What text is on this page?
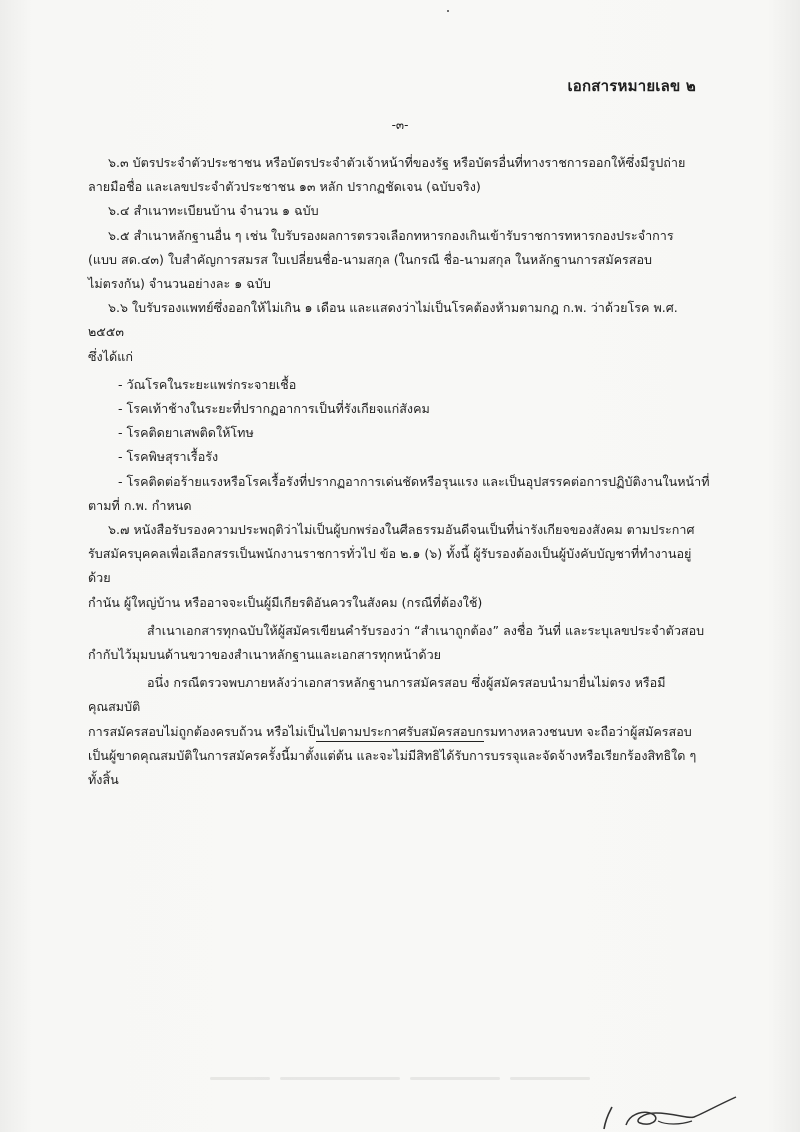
เอกสารหมายเลข ๒
-๓-

๖.๓ บัตรประจำตัวประชาชน หรือบัตรประจำตัวเจ้าหน้าที่ของรัฐ หรือบัตรอื่นที่ทางราชการออกให้ซึ่งมีรูปถ่าย

ลายมือชื่อ และเลขประจำตัวประชาชน ๑๓ หลัก ปรากฏชัดเจน (ฉบับจริง)

๖.๔ สำเนาทะเบียนบ้าน จำนวน ๑ ฉบับ

๖.๕ สำเนาหลักฐานอื่น ๆ เช่น ใบรับรองผลการตรวจเลือกทหารกองเกินเข้ารับราชการทหารกองประจำการ

(แบบ สด.๔๓) ใบสำคัญการสมรส ใบเปลี่ยนชื่อ-นามสกุล (ในกรณี ชื่อ-นามสกุล ในหลักฐานการสมัครสอบ

ไม่ตรงกัน) จำนวนอย่างละ ๑ ฉบับ

๖.๖ ใบรับรองแพทย์ซึ่งออกให้ไม่เกิน ๑ เดือน และแสดงว่าไม่เป็นโรคต้องห้ามตามกฎ ก.พ. ว่าด้วยโรค พ.ศ. ๒๕๕๓

ซึ่งได้แก่

- วัณโรคในระยะแพร่กระจายเชื้อ

- โรคเท้าช้างในระยะที่ปรากฏอาการเป็นที่รังเกียจแก่สังคม

- โรคติดยาเสพติดให้โทษ

- โรคพิษสุราเรื้อรัง

- โรคติดต่อร้ายแรงหรือโรคเรื้อรังที่ปรากฏอาการเด่นชัดหรือรุนแรง และเป็นอุปสรรคต่อการปฏิบัติงานในหน้าที่

ตามที่ ก.พ. กำหนด

๖.๗ หนังสือรับรองความประพฤติว่าไม่เป็นผู้บกพร่องในศีลธรรมอันดีจนเป็นที่น่ารังเกียจของสังคม ตามประกาศ

รับสมัครบุคคลเพื่อเลือกสรรเป็นพนักงานราชการทั่วไป ข้อ ๒.๑ (๖) ทั้งนี้ ผู้รับรองต้องเป็นผู้บังคับบัญชาที่ทำงานอยู่ด้วย

กำนัน ผู้ใหญ่บ้าน หรืออาจจะเป็นผู้มีเกียรติอันควรในสังคม (กรณีที่ต้องใช้)

สำเนาเอกสารทุกฉบับให้ผู้สมัครเขียนคำรับรองว่า “สำเนาถูกต้อง” ลงชื่อ วันที่ และระบุเลขประจำตัวสอบ

กำกับไว้มุมบนด้านขวาของสำเนาหลักฐานและเอกสารทุกหน้าด้วย

อนึ่ง กรณีตรวจพบภายหลังว่าเอกสารหลักฐานการสมัครสอบ ซึ่งผู้สมัครสอบนำมายื่นไม่ตรง หรือมีคุณสมบัติ

การสมัครสอบไม่ถูกต้องครบถ้วน หรือไม่เป็นไปตามประกาศรับสมัครสอบกรมทางหลวงชนบท จะถือว่าผู้สมัครสอบ

เป็นผู้ขาดคุณสมบัติในการสมัครครั้งนี้มาตั้งแต่ต้น และจะไม่มีสิทธิได้รับการบรรจุและจัดจ้างหรือเรียกร้องสิทธิใด ๆ

ทั้งสิ้น
